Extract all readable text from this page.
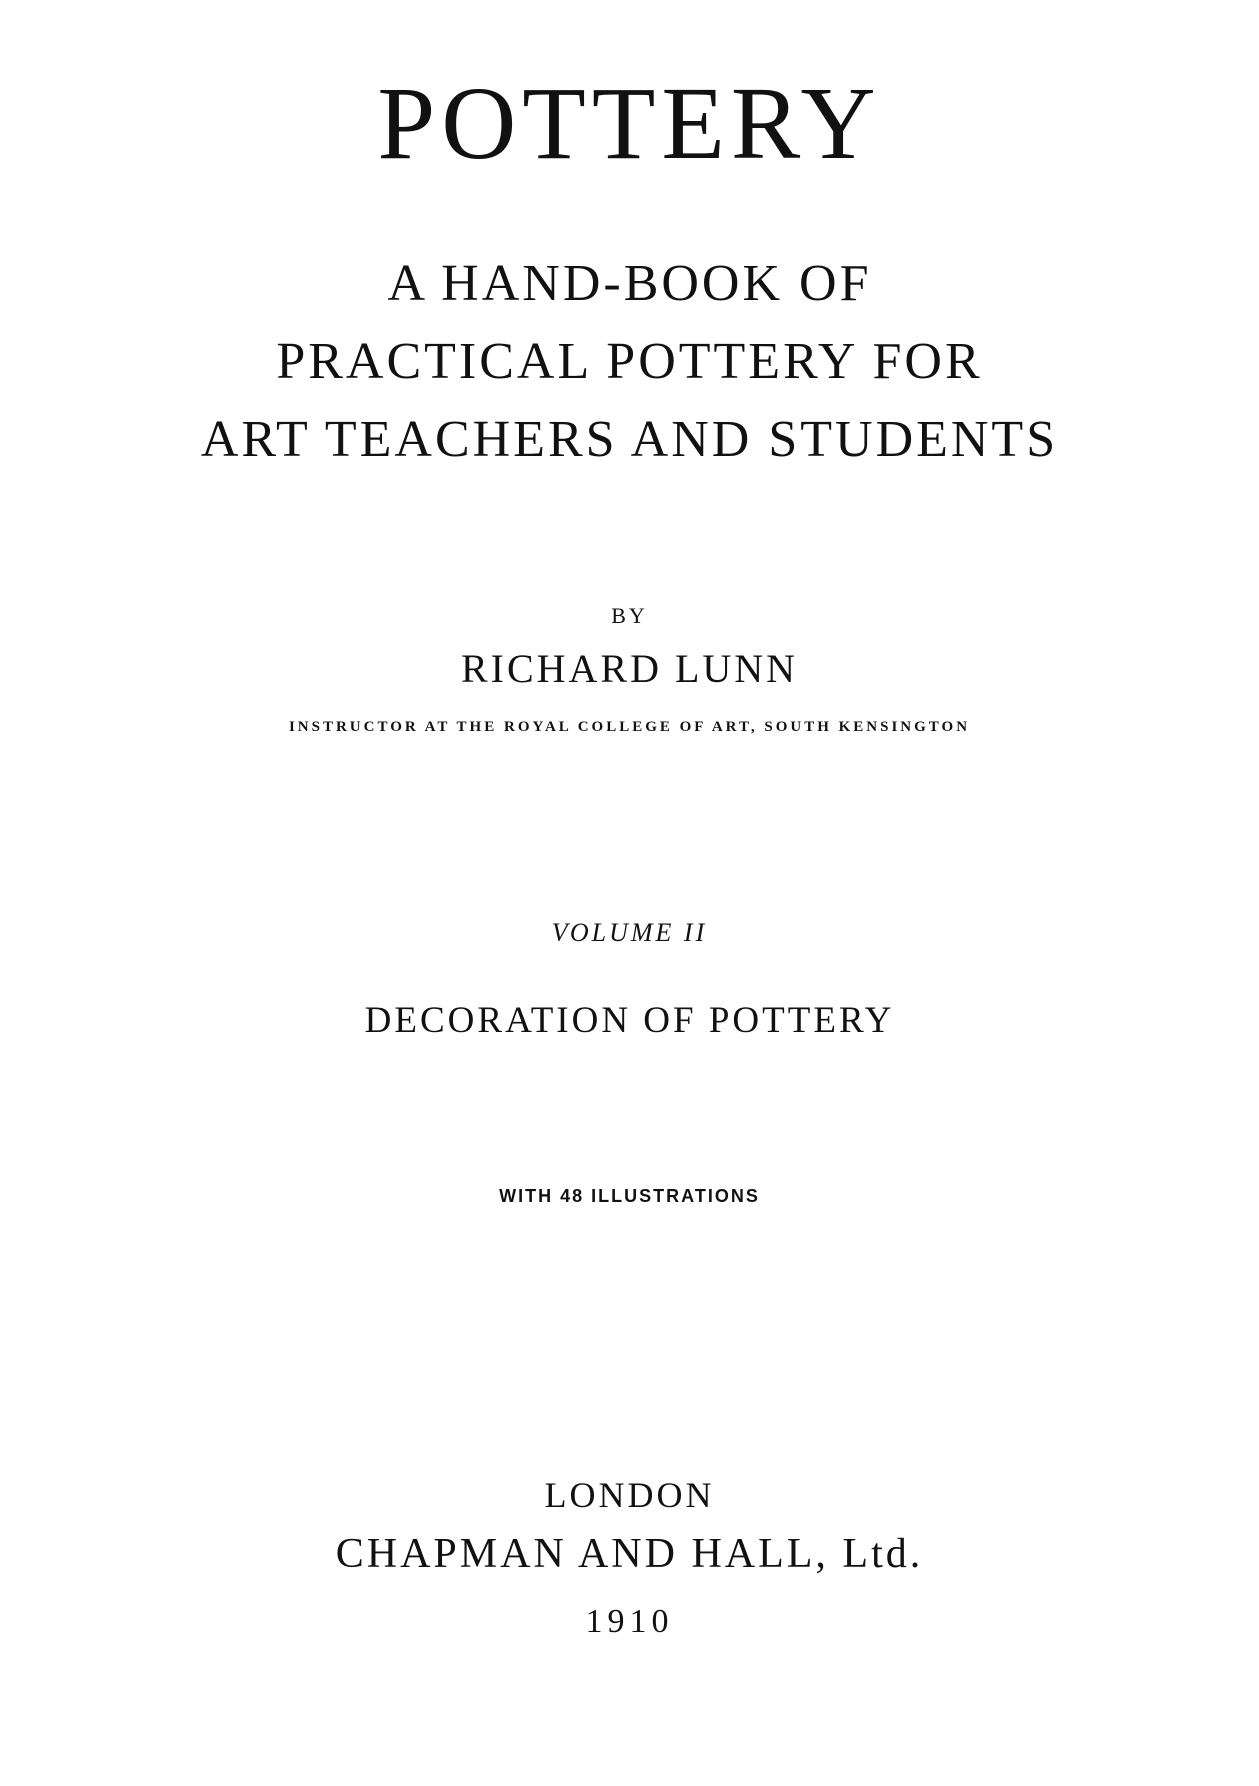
POTTERY
A HAND-BOOK OF
PRACTICAL POTTERY FOR
ART TEACHERS AND STUDENTS
BY
RICHARD LUNN
INSTRUCTOR AT THE ROYAL COLLEGE OF ART, SOUTH KENSINGTON
VOLUME II
DECORATION OF POTTERY
WITH 48 ILLUSTRATIONS
LONDON
CHAPMAN AND HALL, Ltd.
1910
